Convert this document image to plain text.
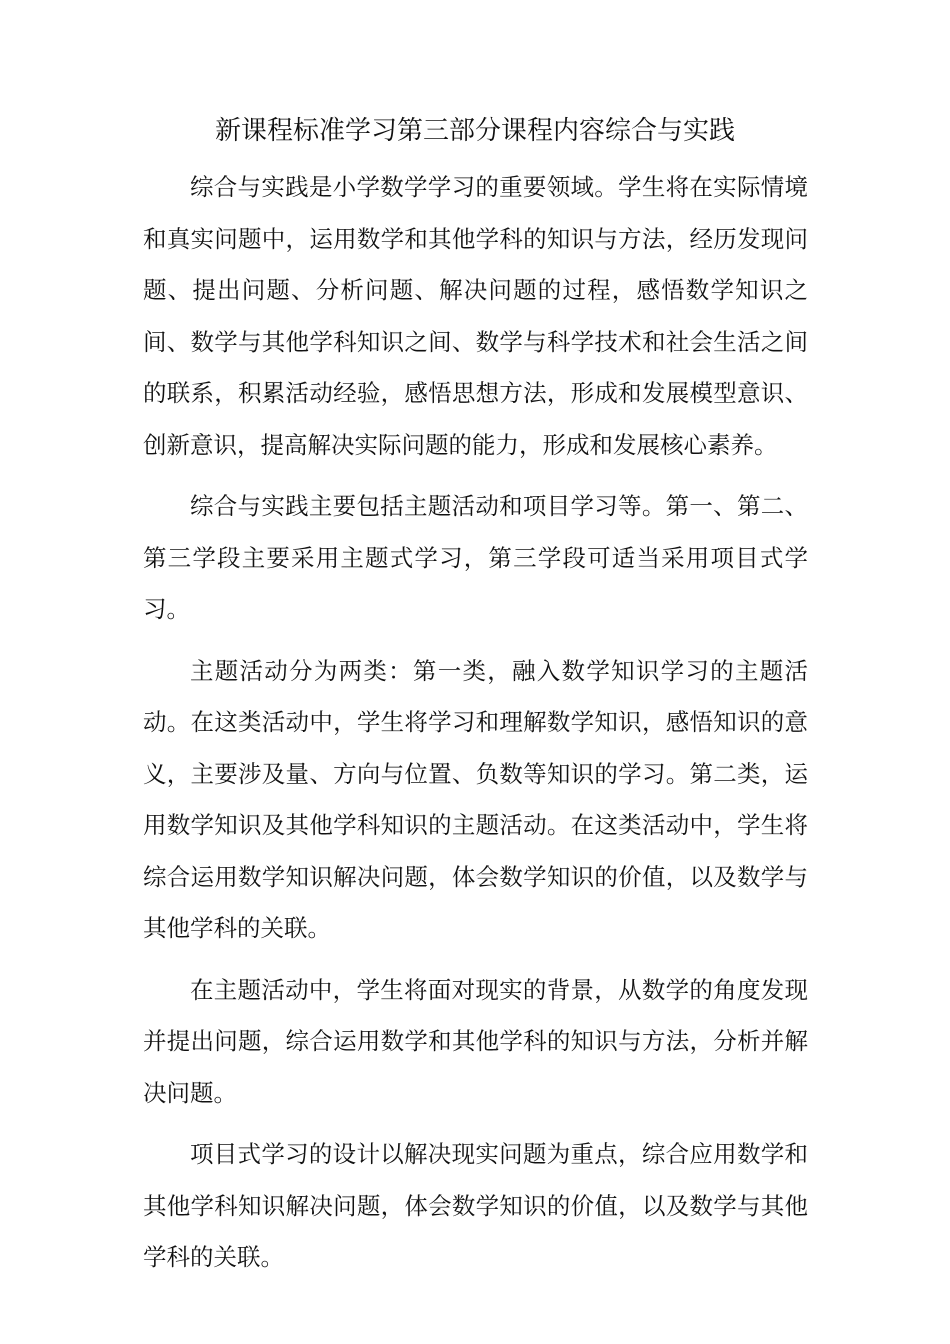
新课程标准学习第三部分课程内容综合与实践

综合与实践是小学数学学习的重要领域。学生将在实际情境和真实问题中，运用数学和其他学科的知识与方法，经历发现问题、提出问题、分析问题、解决问题的过程，感悟数学知识之间、数学与其他学科知识之间、数学与科学技术和社会生活之间的联系，积累活动经验，感悟思想方法，形成和发展模型意识、创新意识，提高解决实际问题的能力，形成和发展核心素养。

综合与实践主要包括主题活动和项目学习等。第一、第二、第三学段主要采用主题式学习，第三学段可适当采用项目式学习。

主题活动分为两类：第一类，融入数学知识学习的主题活动。在这类活动中，学生将学习和理解数学知识，感悟知识的意义，主要涉及量、方向与位置、负数等知识的学习。第二类，运用数学知识及其他学科知识的主题活动。在这类活动中，学生将综合运用数学知识解决问题，体会数学知识的价值，以及数学与其他学科的关联。

在主题活动中，学生将面对现实的背景，从数学的角度发现并提出问题，综合运用数学和其他学科的知识与方法，分析并解决问题。

项目式学习的设计以解决现实问题为重点，综合应用数学和其他学科知识解决问题，体会数学知识的价值，以及数学与其他学科的关联。
